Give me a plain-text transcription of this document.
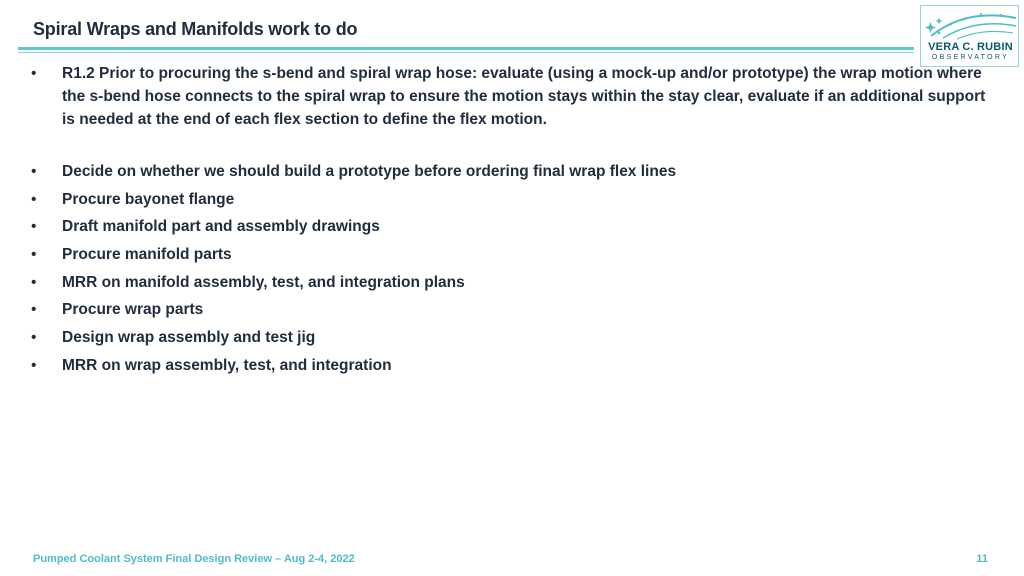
Spiral Wraps and Manifolds work to do
VERA C. RUBIN
OBSERVATORY
• R1.2 Prior to procuring the s-bend and spiral wrap hose: evaluate (using a mock-up and/or prototype) the wrap motion where the s-bend hose connects to the spiral wrap to ensure the motion stays within the stay clear, evaluate if an additional support is needed at the end of each flex section to define the flex motion.
• Decide on whether we should build a prototype before ordering final wrap flex lines
• Procure bayonet flange
• Draft manifold part and assembly drawings
• Procure manifold parts
• MRR on manifold assembly, test, and integration plans
• Procure wrap parts
• Design wrap assembly and test jig
• MRR on wrap assembly, test, and integration
Pumped Coolant System Final Design Review – Aug 2-4, 2022	11
